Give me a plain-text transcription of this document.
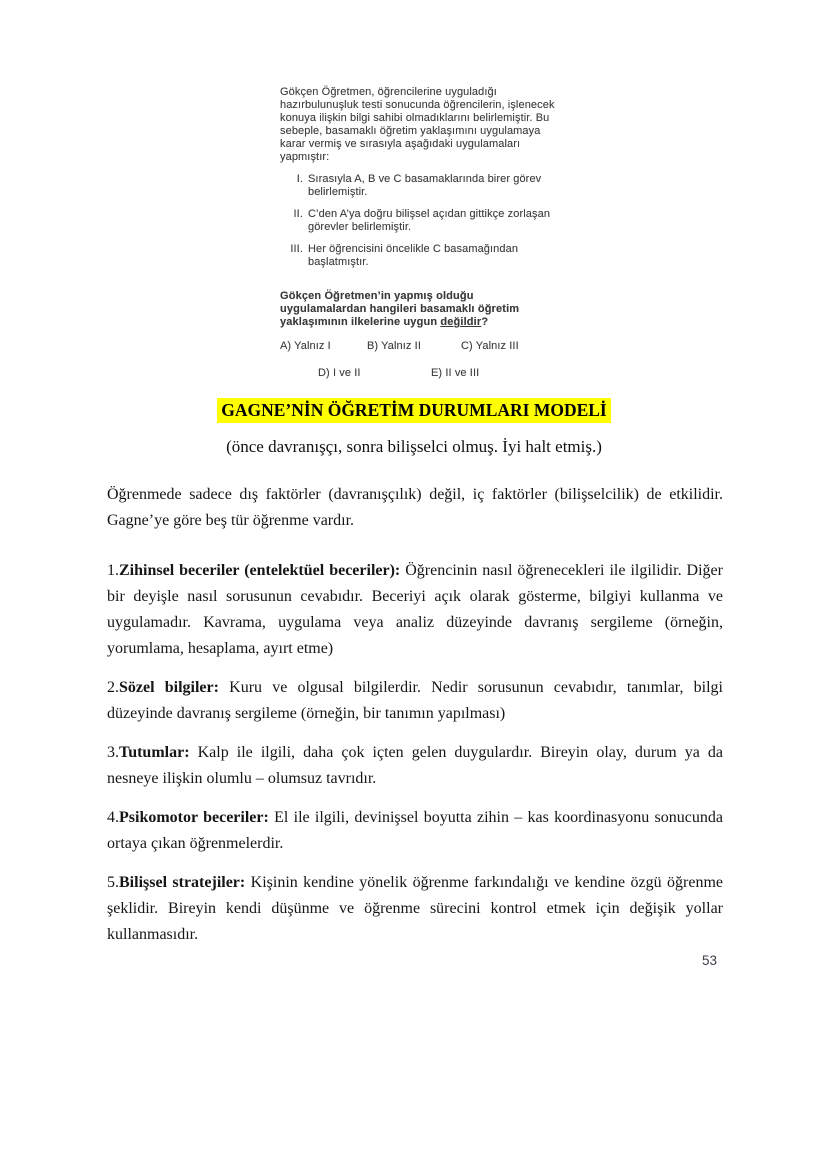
Gökçen Öğretmen, öğrencilerine uyguladığı hazırbulunuşluk testi sonucunda öğrencilerin, işlenecek konuya ilişkin bilgi sahibi olmadıklarını belirlemiştir. Bu sebeple, basamaklı öğretim yaklaşımını uygulamaya karar vermiş ve sırasıyla aşağıdaki uygulamaları yapmıştır:

I. Sırasıyla A, B ve C basamaklarında birer görev belirlemiştir.
II. C’den A’ya doğru bilişsel açıdan gittikçe zorlaşan görevler belirlemiştir.
III. Her öğrencisini öncelikle C basamağından başlatmıştır.

Gökçen Öğretmen’in yapmış olduğu uygulamalardan hangileri basamaklı öğretim yaklaşımının ilkelerine uygun değildir?

A) Yalnız I	B) Yalnız II	C) Yalnız III
D) I ve II	E) II ve III
GAGNE’NİN ÖĞRETİM DURUMLARI MODELİ

(önce davranışçı, sonra bilişselci olmuş. İyi halt etmiş.)

Öğrenmede sadece dış faktörler (davranışçılık) değil, iç faktörler (bilişselcilik) de etkilidir. Gagne’ye göre beş tür öğrenme vardır.

1.Zihinsel beceriler (entelektüel beceriler): Öğrencinin nasıl öğrenecekleri ile ilgilidir. Diğer bir deyişle nasıl sorusunun cevabıdır. Beceriyi açık olarak gösterme, bilgiyi kullanma ve uygulamadır. Kavrama, uygulama veya analiz düzeyinde davranış sergileme (örneğin, yorumlama, hesaplama, ayırt etme)

2.Sözel bilgiler: Kuru ve olgusal bilgilerdir. Nedir sorusunun cevabıdır, tanımlar, bilgi düzeyinde davranış sergileme (örneğin, bir tanımın yapılması)

3.Tutumlar: Kalp ile ilgili, daha çok içten gelen duygulardır. Bireyin olay, durum ya da nesneye ilişkin olumlu – olumsuz tavrıdır.

4.Psikomotor beceriler: El ile ilgili, devinişsel boyutta zihin – kas koordinasyonu sonucunda ortaya çıkan öğrenmelerdir.

5.Bilişsel stratejiler: Kişinin kendine yönelik öğrenme farkındalığı ve kendine özgü öğrenme şeklidir. Bireyin kendi düşünme ve öğrenme sürecini kontrol etmek için değişik yollar kullanmasıdır.

53
